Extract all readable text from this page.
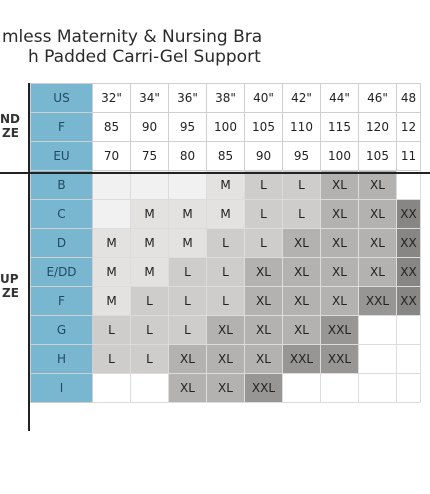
mless Maternity & Nursing Bra
h Padded Carri-Gel Support
ND
ZE
UP
ZE
US	32"	34"	36"	38"	40"	42"	44"	46"	48
F	85	90	95	100	105	110	115	120	12
EU	70	75	80	85	90	95	100	105	11
B				M	L	L	XL	XL	
C		M	M	M	L	L	XL	XL	XX
D	M	M	M	L	L	XL	XL	XL	XX
E/DD	M	M	L	L	XL	XL	XL	XL	XX
F	M	L	L	L	XL	XL	XL	XXL	XX
G	L	L	L	XL	XL	XL	XXL		
H	L	L	XL	XL	XL	XXL	XXL		
I			XL	XL	XXL				
